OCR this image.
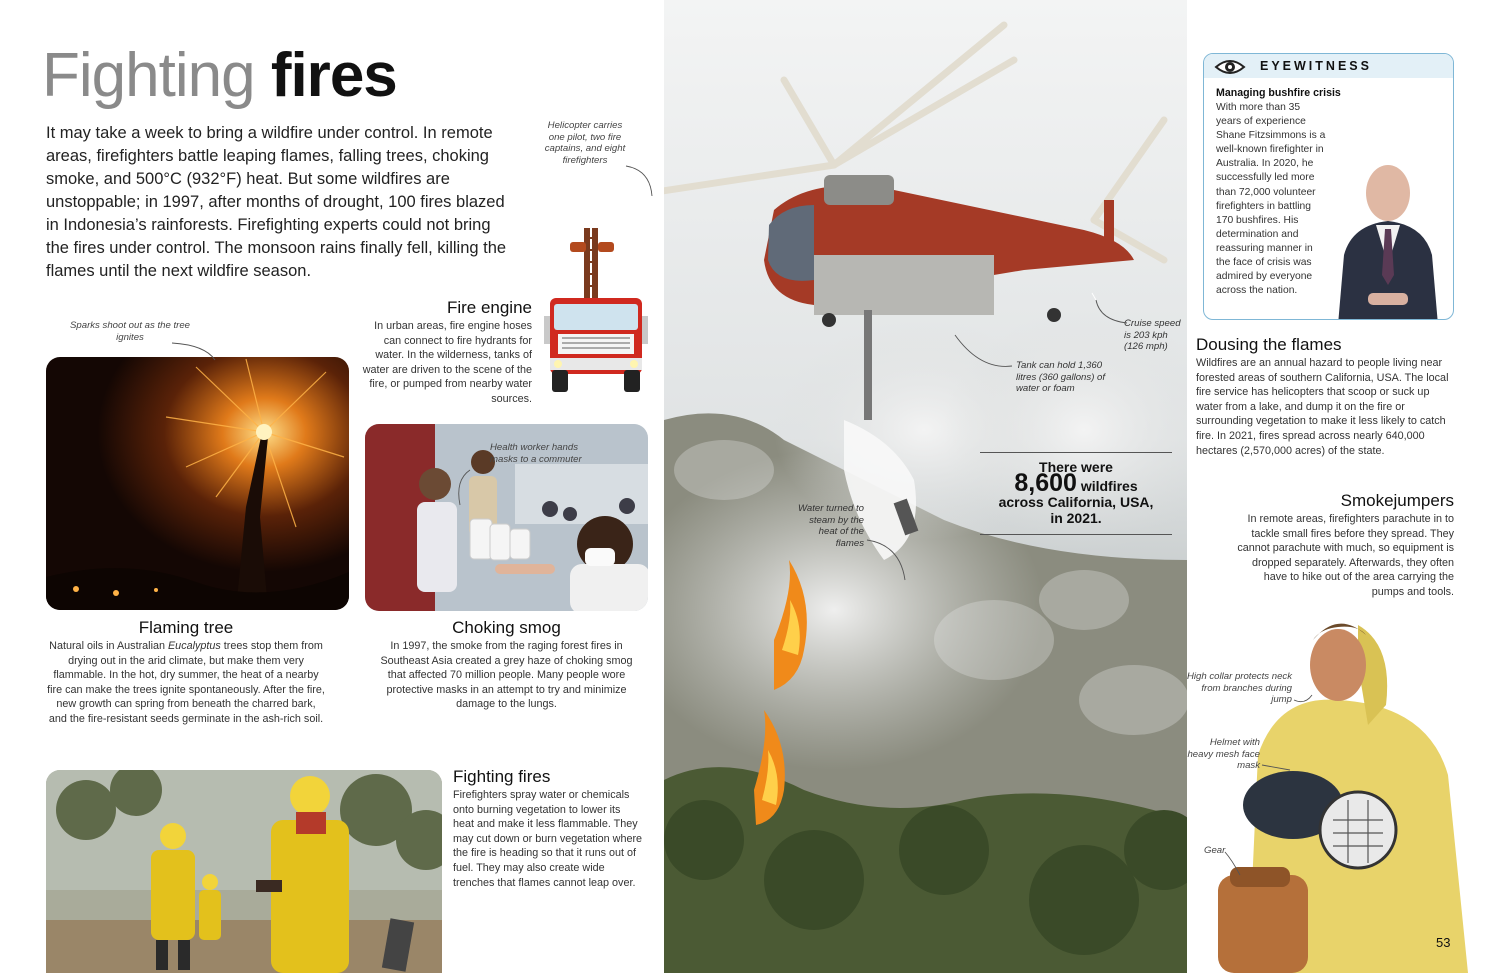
Fighting fires
It may take a week to bring a wildfire under control. In remote areas, firefighters battle leaping flames, falling trees, choking smoke, and 500°C (932°F) heat. But some wildfires are unstoppable; in 1997, after months of drought, 100 fires blazed in Indonesia’s rainforests. Firefighting experts could not bring the fires under control. The monsoon rains finally fell, killing the flames until the next wildfire season.
Fire engine
In urban areas, fire engine hoses can connect to fire hydrants for water. In the wilderness, tanks of water are driven to the scene of the fire, or pumped from nearby water sources.
Sparks shoot out as the tree ignites
Flaming tree
Natural oils in Australian Eucalyptus trees stop them from drying out in the arid climate, but make them very flammable. In the hot, dry summer, the heat of a nearby fire can make the trees ignite spontaneously. After the fire, new growth can spring from beneath the charred bark, and the fire-resistant seeds germinate in the ash-rich soil.
Health worker hands masks to a commuter
Choking smog
In 1997, the smoke from the raging forest fires in Southeast Asia created a grey haze of choking smog that affected 70 million people. Many people wore protective masks in an attempt to try and minimize damage to the lungs.
Fighting fires
Firefighters spray water or chemicals onto burning vegetation to lower its heat and make it less flammable. They may cut down or burn vegetation where the fire is heading so that it runs out of fuel. They may also create wide trenches that flames cannot leap over.
Helicopter carries one pilot, two fire captains, and eight firefighters
Cruise speed is 203 kph (126 mph)
Tank can hold 1,360 litres (360 gallons) of water or foam
Water turned to steam by the heat of the flames
There were
8,600 wildfires
across California, USA,
in 2021.
EYEWITNESS
Managing bushfire crisis
With more than 35 years of experience Shane Fitzsimmons is a well-known firefighter in Australia. In 2020, he successfully led more than 72,000 volunteer firefighters in battling 170 bushfires. His determination and reassuring manner in the face of crisis was admired by everyone across the nation.
Dousing the flames
Wildfires are an annual hazard to people living near forested areas of southern California, USA. The local fire service has helicopters that scoop or suck up water from a lake, and dump it on the fire or surrounding vegetation to make it less likely to catch fire. In 2021, fires spread across nearly 640,000 hectares (2,570,000 acres) of the state.
Smokejumpers
In remote areas, firefighters parachute in to tackle small fires before they spread. They cannot parachute with much, so equipment is dropped separately. Afterwards, they often have to hike out of the area carrying the pumps and tools.
High collar protects neck from branches during jump
Helmet with heavy mesh face mask
Gear
53
